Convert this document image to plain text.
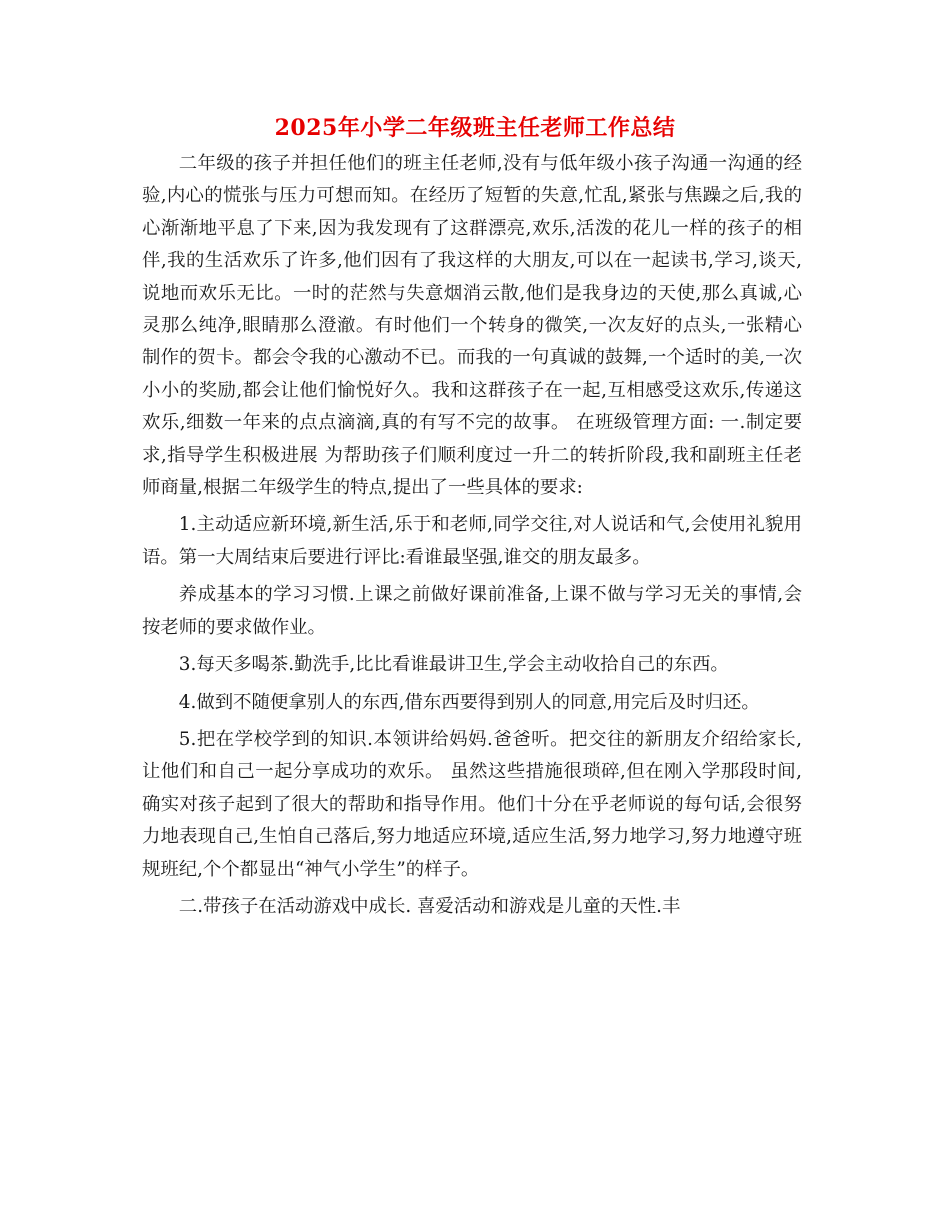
2025年小学二年级班主任老师工作总结

二年级的孩子并担任他们的班主任老师,没有与低年级小孩子沟通一沟通的经验,内心的慌张与压力可想而知。在经历了短暂的失意,忙乱,紧张与焦躁之后,我的心渐渐地平息了下来,因为我发现有了这群漂亮,欢乐,活泼的花儿一样的孩子的相伴,我的生活欢乐了许多,他们因有了我这样的大朋友,可以在一起读书,学习,谈天,说地而欢乐无比。一时的茫然与失意烟消云散,他们是我身边的天使,那么真诚,心灵那么纯净,眼睛那么澄澈。有时他们一个转身的微笑,一次友好的点头,一张精心制作的贺卡。都会令我的心激动不已。而我的一句真诚的鼓舞,一个适时的美,一次小小的奖励,都会让他们愉悦好久。我和这群孩子在一起,互相感受这欢乐,传递这欢乐,细数一年来的点点滴滴,真的有写不完的故事。 在班级管理方面: 一.制定要求,指导学生积极进展 为帮助孩子们顺利度过一升二的转折阶段,我和副班主任老师商量,根据二年级学生的特点,提出了一些具体的要求:

1.主动适应新环境,新生活,乐于和老师,同学交往,对人说话和气,会使用礼貌用语。第一大周结束后要进行评比:看谁最坚强,谁交的朋友最多。

养成基本的学习习惯.上课之前做好课前准备,上课不做与学习无关的事情,会按老师的要求做作业。

3.每天多喝茶.勤洗手,比比看谁最讲卫生,学会主动收拾自己的东西。

4.做到不随便拿别人的东西,借东西要得到别人的同意,用完后及时归还。

5.把在学校学到的知识.本领讲给妈妈.爸爸听。把交往的新朋友介绍给家长,让他们和自己一起分享成功的欢乐。 虽然这些措施很琐碎,但在刚入学那段时间,确实对孩子起到了很大的帮助和指导作用。他们十分在乎老师说的每句话,会很努力地表现自己,生怕自己落后,努力地适应环境,适应生活,努力地学习,努力地遵守班规班纪,个个都显出“神气小学生”的样子。

二.带孩子在活动游戏中成长. 喜爱活动和游戏是儿童的天性.丰
